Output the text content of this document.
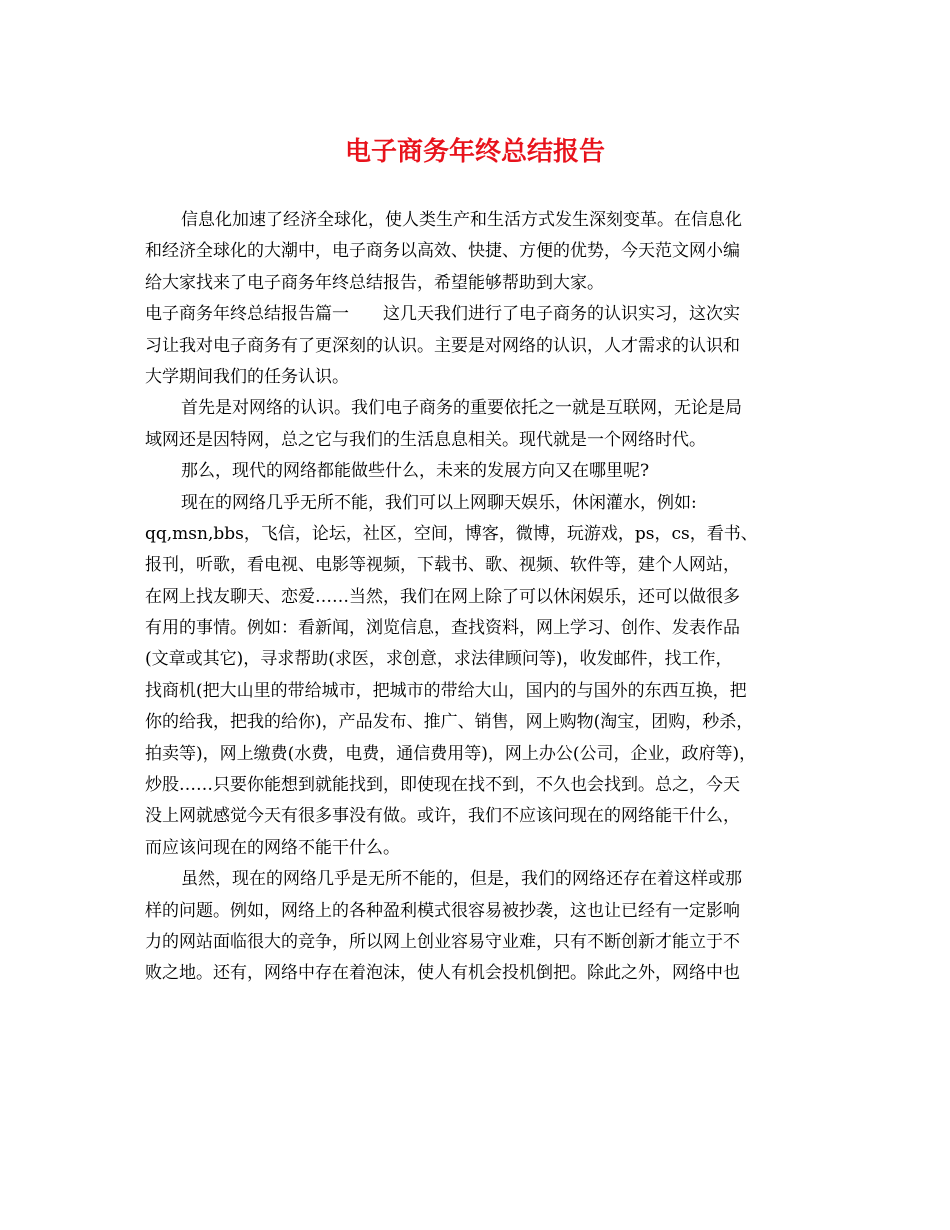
电子商务年终总结报告
信息化加速了经济全球化，使人类生产和生活方式发生深刻变革。在信息化
和经济全球化的大潮中，电子商务以高效、快捷、方便的优势，今天范文网小编
给大家找来了电子商务年终总结报告，希望能够帮助到大家。
电子商务年终总结报告篇一　　这几天我们进行了电子商务的认识实习，这次实
习让我对电子商务有了更深刻的认识。主要是对网络的认识，人才需求的认识和
大学期间我们的任务认识。
首先是对网络的认识。我们电子商务的重要依托之一就是互联网，无论是局
域网还是因特网，总之它与我们的生活息息相关。现代就是一个网络时代。
那么，现代的网络都能做些什么，未来的发展方向又在哪里呢?
现在的网络几乎无所不能，我们可以上网聊天娱乐，休闲灌水，例如:
qq,msn,bbs，飞信，论坛，社区，空间，博客，微博，玩游戏，ps，cs，看书、
报刊，听歌，看电视、电影等视频，下载书、歌、视频、软件等，建个人网站，
在网上找友聊天、恋爱……当然，我们在网上除了可以休闲娱乐，还可以做很多
有用的事情。例如：看新闻，浏览信息，查找资料，网上学习、创作、发表作品
(文章或其它)，寻求帮助(求医，求创意，求法律顾问等)，收发邮件，找工作，
找商机(把大山里的带给城市，把城市的带给大山，国内的与国外的东西互换，把
你的给我，把我的给你)，产品发布、推广、销售，网上购物(淘宝，团购，秒杀，
拍卖等)，网上缴费(水费，电费，通信费用等)，网上办公(公司，企业，政府等)，
炒股……只要你能想到就能找到，即使现在找不到，不久也会找到。总之，今天
没上网就感觉今天有很多事没有做。或许，我们不应该问现在的网络能干什么，
而应该问现在的网络不能干什么。
虽然，现在的网络几乎是无所不能的，但是，我们的网络还存在着这样或那
样的问题。例如，网络上的各种盈利模式很容易被抄袭，这也让已经有一定影响
力的网站面临很大的竞争，所以网上创业容易守业难，只有不断创新才能立于不
败之地。还有，网络中存在着泡沫，使人有机会投机倒把。除此之外，网络中也
